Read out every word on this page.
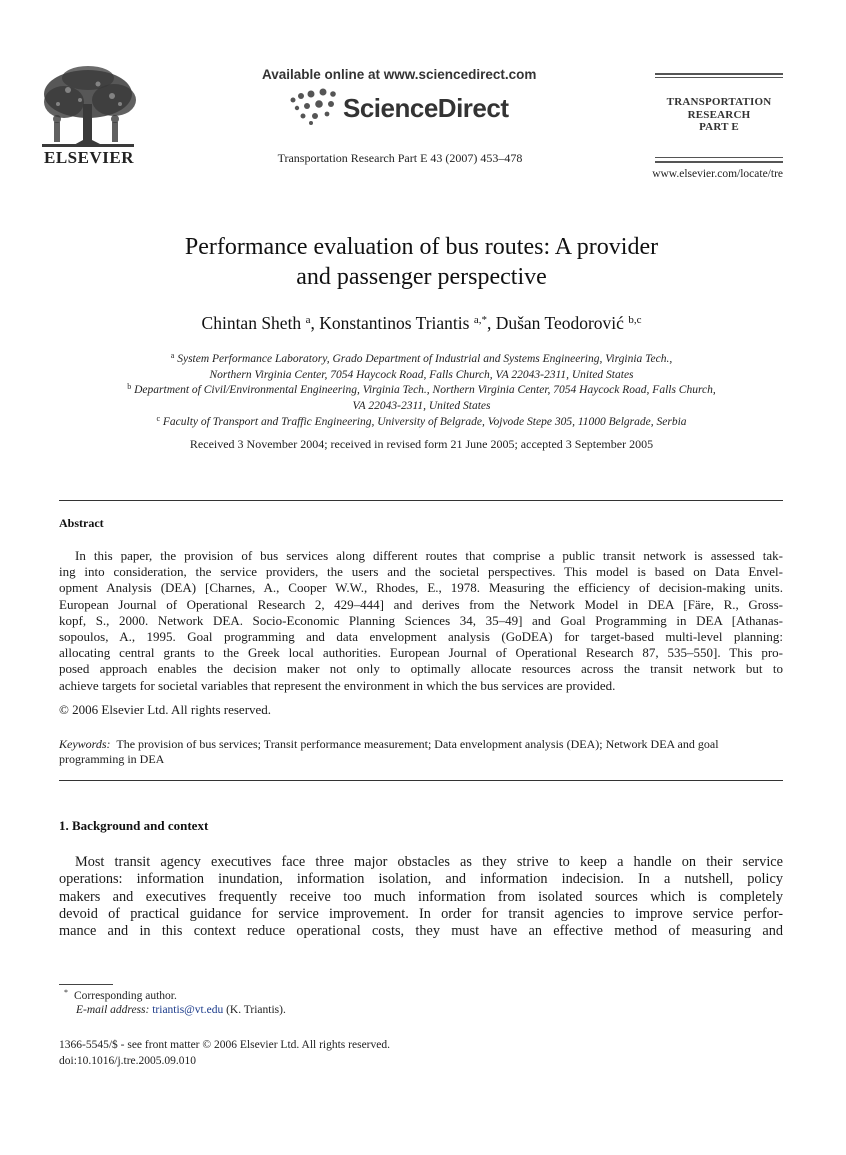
ELSEVIER
Available online at www.sciencedirect.com
ScienceDirect
Transportation Research Part E 43 (2007) 453–478
TRANSPORTATION
RESEARCH
PART E
www.elsevier.com/locate/tre
Performance evaluation of bus routes: A provider
and passenger perspective
Chintan Sheth $^a$, Konstantinos Triantis $^{a,*}$, Dušan Teodorović $^{b,c}$
$^a$ System Performance Laboratory, Grado Department of Industrial and Systems Engineering, Virginia Tech.,
Northern Virginia Center, 7054 Haycock Road, Falls Church, VA 22043-2311, United States
$^b$ Department of Civil/Environmental Engineering, Virginia Tech., Northern Virginia Center, 7054 Haycock Road, Falls Church,
VA 22043-2311, United States
$^c$ Faculty of Transport and Traffic Engineering, University of Belgrade, Vojvode Stepe 305, 11000 Belgrade, Serbia
Received 3 November 2004; received in revised form 21 June 2005; accepted 3 September 2005
Abstract
In this paper, the provision of bus services along different routes that comprise a public transit network is assessed tak-
ing into consideration, the service providers, the users and the societal perspectives. This model is based on Data Envel-
opment Analysis (DEA) [Charnes, A., Cooper W.W., Rhodes, E., 1978. Measuring the efficiency of decision-making units.
European Journal of Operational Research 2, 429–444] and derives from the Network Model in DEA [Färe, R., Gross-
kopf, S., 2000. Network DEA. Socio-Economic Planning Sciences 34, 35–49] and Goal Programming in DEA [Athanas-
sopoulos, A., 1995. Goal programming and data envelopment analysis (GoDEA) for target-based multi-level planning:
allocating central grants to the Greek local authorities. European Journal of Operational Research 87, 535–550]. This pro-
posed approach enables the decision maker not only to optimally allocate resources across the transit network but to
achieve targets for societal variables that represent the environment in which the bus services are provided.
© 2006 Elsevier Ltd. All rights reserved.
Keywords: The provision of bus services; Transit performance measurement; Data envelopment analysis (DEA); Network DEA and goal programming in DEA
1. Background and context
Most transit agency executives face three major obstacles as they strive to keep a handle on their service
operations: information inundation, information isolation, and information indecision. In a nutshell, policy
makers and executives frequently receive too much information from isolated sources which is completely
devoid of practical guidance for service improvement. In order for transit agencies to improve service perfor-
mance and in this context reduce operational costs, they must have an effective method of measuring and
* Corresponding author.
E-mail address: triantis@vt.edu (K. Triantis).
1366-5545/$ - see front matter © 2006 Elsevier Ltd. All rights reserved.
doi:10.1016/j.tre.2005.09.010
